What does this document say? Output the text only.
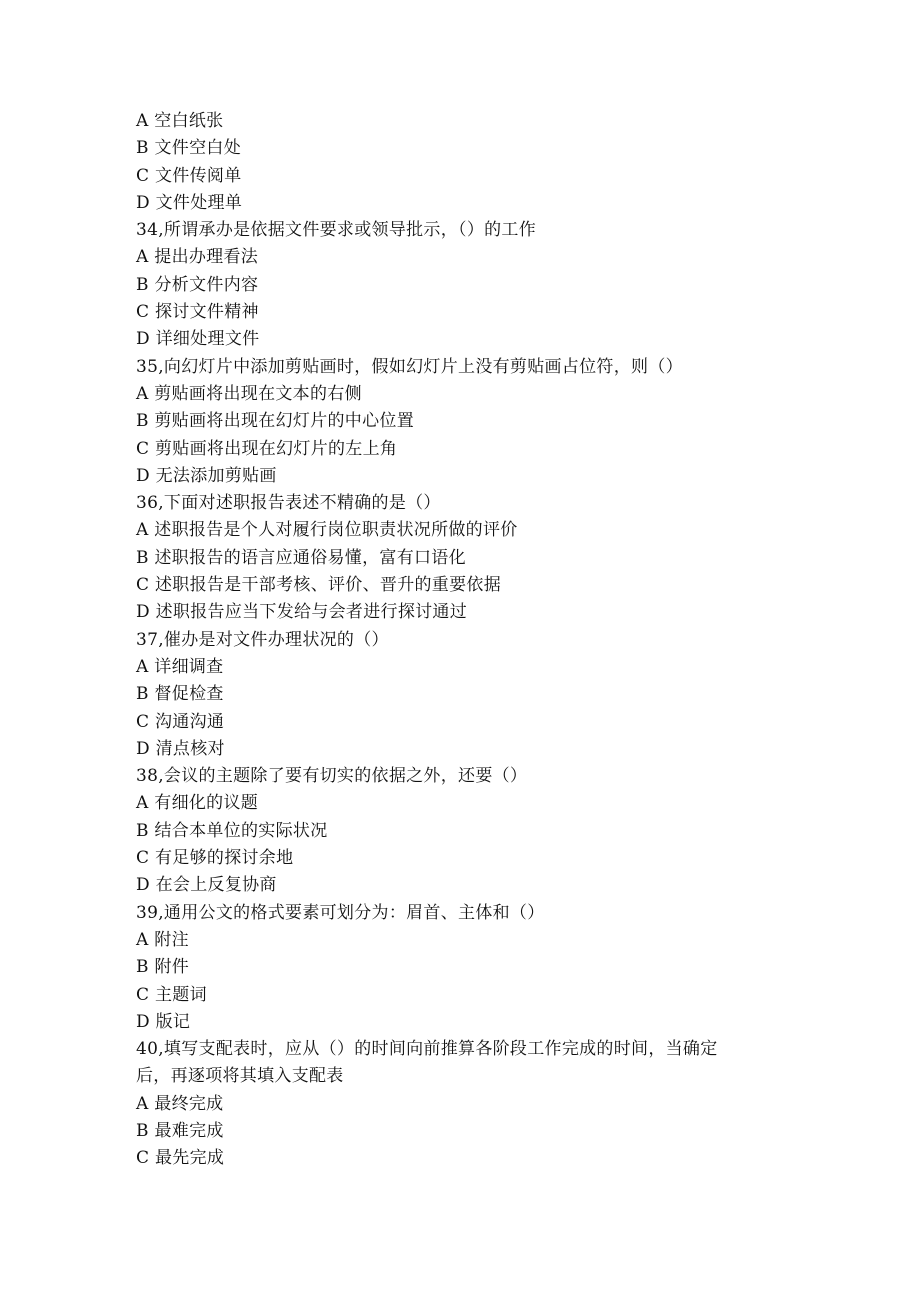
A 空白纸张
B 文件空白处
C 文件传阅单
D 文件处理单
34,所谓承办是依据文件要求或领导批示，（）的工作
A 提出办理看法
B 分析文件内容
C 探讨文件精神
D 详细处理文件
35,向幻灯片中添加剪贴画时，假如幻灯片上没有剪贴画占位符，则（）
A 剪贴画将出现在文本的右侧
B 剪贴画将出现在幻灯片的中心位置
C 剪贴画将出现在幻灯片的左上角
D 无法添加剪贴画
36,下面对述职报告表述不精确的是（）
A 述职报告是个人对履行岗位职责状况所做的评价
B 述职报告的语言应通俗易懂，富有口语化
C 述职报告是干部考核、评价、晋升的重要依据
D 述职报告应当下发给与会者进行探讨通过
37,催办是对文件办理状况的（）
A 详细调查
B 督促检查
C 沟通沟通
D 清点核对
38,会议的主题除了要有切实的依据之外，还要（）
A 有细化的议题
B 结合本单位的实际状况
C 有足够的探讨余地
D 在会上反复协商
39,通用公文的格式要素可划分为：眉首、主体和（）
A 附注
B 附件
C 主题词
D 版记
40,填写支配表时，应从（）的时间向前推算各阶段工作完成的时间，当确定
后，再逐项将其填入支配表
A 最终完成
B 最难完成
C 最先完成
